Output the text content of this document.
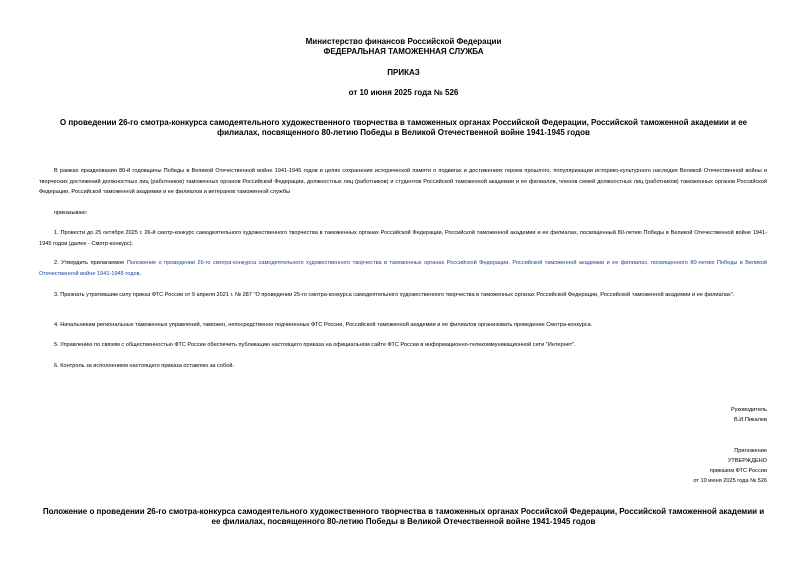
Министерство финансов Российской Федерации
ФЕДЕРАЛЬНАЯ ТАМОЖЕННАЯ СЛУЖБА
ПРИКАЗ
от 10 июня 2025 года № 526
О проведении 26-го смотра-конкурса самодеятельного художественного творчества в таможенных органах Российской Федерации, Российской таможенной академии и ее филиалах, посвященного 80-летию Победы в Великой Отечественной войне 1941-1945 годов
В рамках празднования 80-й годовщины Победы в Великой Отечественной войне 1941-1945 годов в целях сохранения исторической памяти о подвигах и достижениях героев прошлого, популяризации историко-культурного наследия Великой Отечественной войны и творческих достижений должностных лиц (работников) таможенных органов Российской Федерации, должностных лиц (работников) и студентов Российской таможенной академии и ее филиалов, членов семей должностных лиц (работников) таможенных органов Российской Федерации, Российской таможенной академии и ее филиалов и ветеранов таможенной службы
приказываю:
1. Провести до 25 октября 2025 г. 26-й смотр-конкурс самодеятельного художественного творчества в таможенных органах Российской Федерации, Российской таможенной академии и ее филиалах, посвященный 80-летию Победы в Великой Отечественной войне 1941-1945 годов (далее - Смотр-конкурс).
2. Утвердить прилагаемое Положение о проведении 26-го смотра-конкурса самодеятельного художественного творчества в таможенных органах Российской Федерации, Российской таможенной академии и ее филиалах, посвященного 80-летию Победы в Великой Отечественной войне 1941-1945 годов.
3. Признать утратившим силу приказ ФТС России от 9 апреля 2021 г. № 287 "О проведении 25-го смотра-конкурса самодеятельного художественного творчества в таможенных органах Российской Федерации, Российской таможенной академии и ее филиалах".
4. Начальникам региональных таможенных управлений, таможен, непосредственно подчиненных ФТС России, Российской таможенной академии и ее филиалов организовать проведение Смотра-конкурса.
5. Управлению по связям с общественностью ФТС России обеспечить публикацию настоящего приказа на официальном сайте ФТС России в информационно-телекоммуникационной сети "Интернет".
6. Контроль за исполнением настоящего приказа оставляю за собой.
Руководитель
В.И.Пикалев
Приложение
УТВЕРЖДЕНО
приказом ФТС России
от 10 июня 2025 года № 526
Положение о проведении 26-го смотра-конкурса самодеятельного художественного творчества в таможенных органах Российской Федерации, Российской таможенной академии и ее филиалах, посвященного 80-летию Победы в Великой Отечественной войне 1941-1945 годов
